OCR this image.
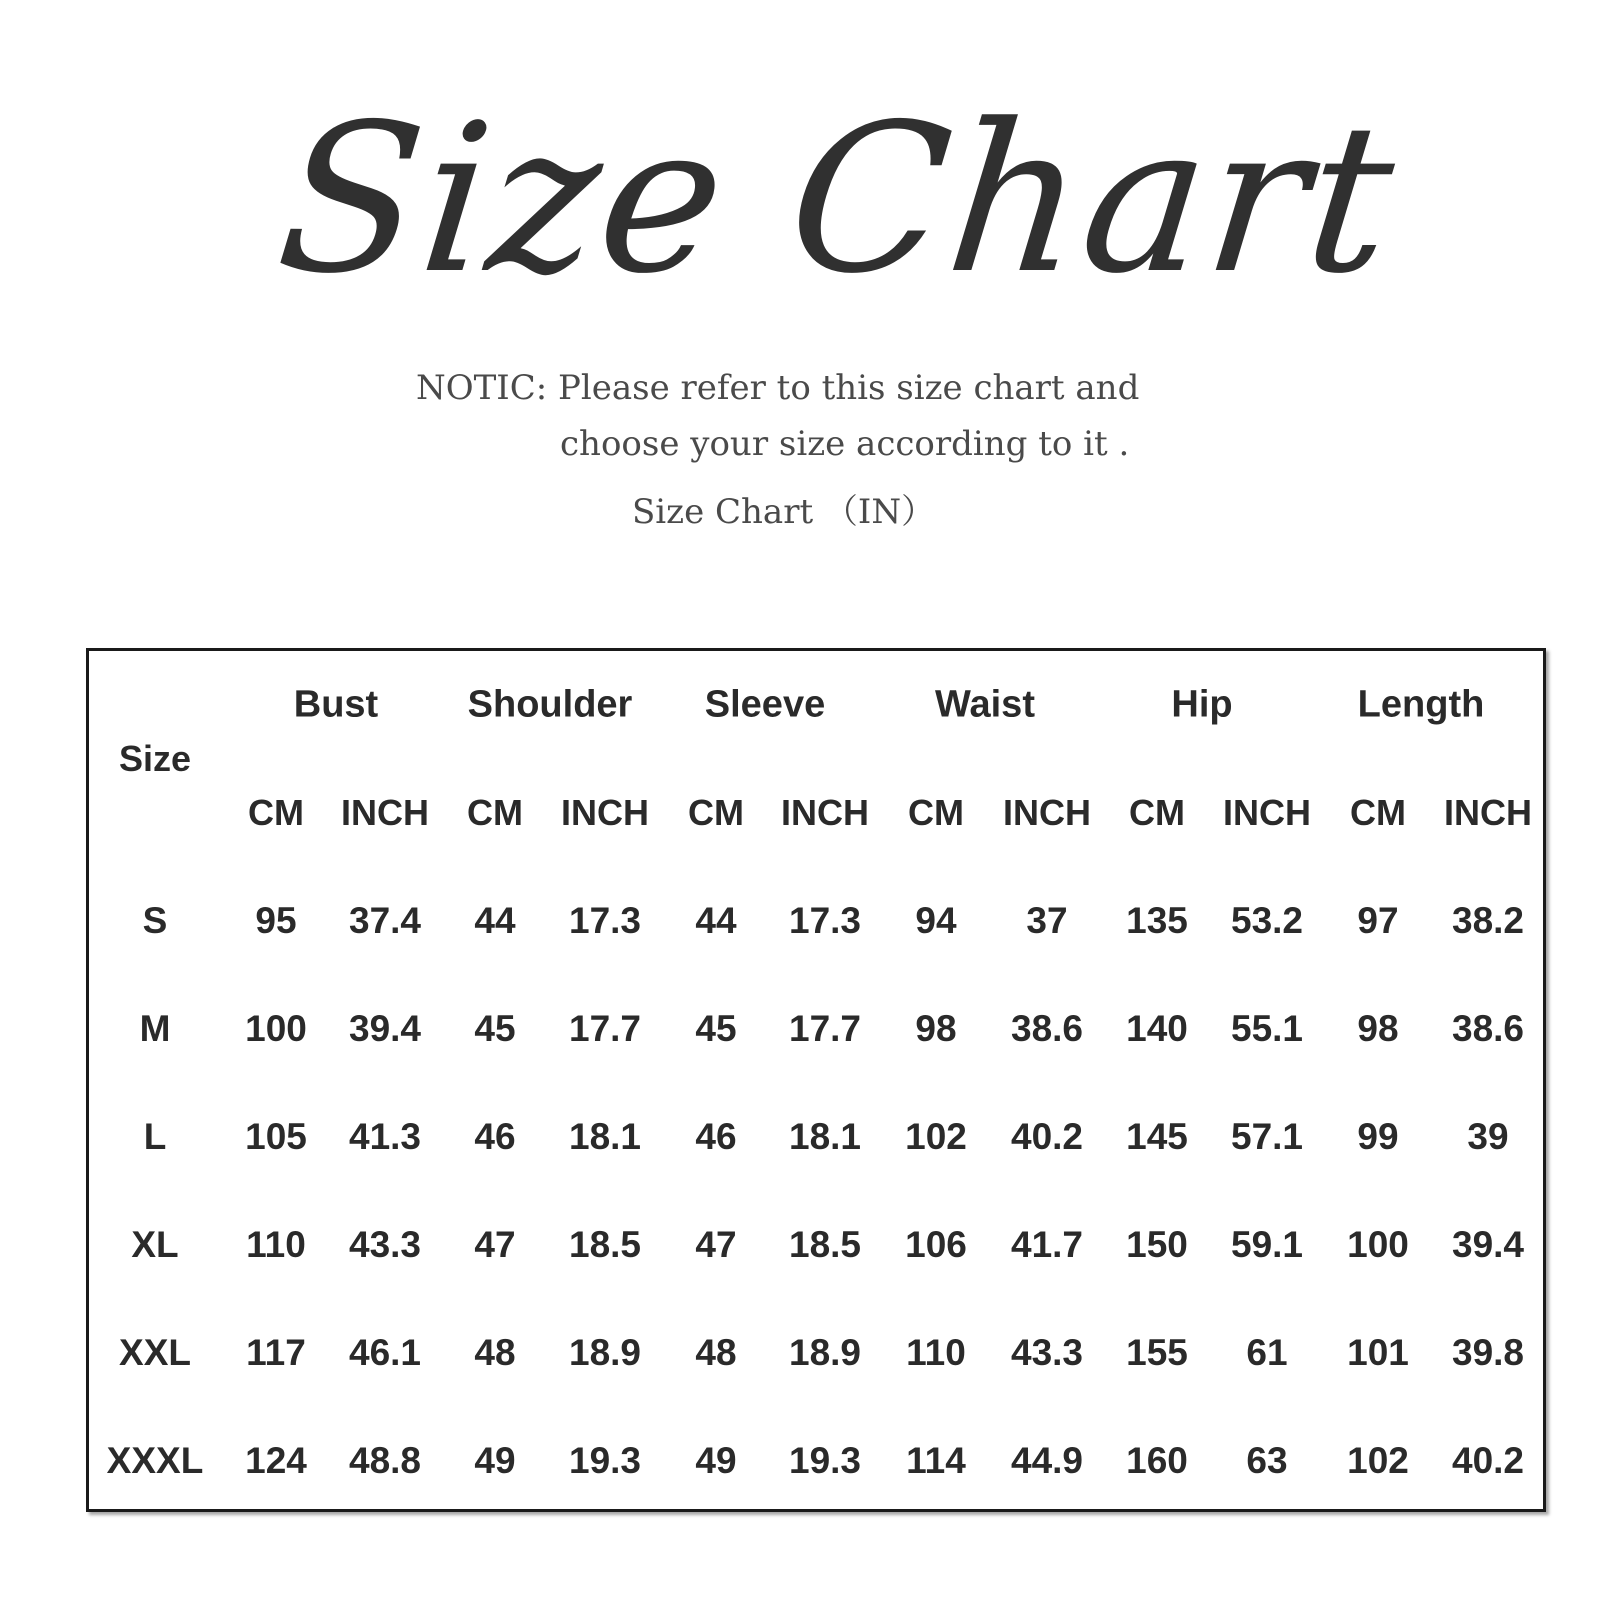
Size Chart
NOTIC: Please refer to this size chart and
choose your size according to it .
Size Chart （IN）
Size
Bust Shoulder Sleeve	Waist	Hip	Length
CM INCH CM INCH CM INCH CM INCH CM INCH CM INCH
S 95 37.4 44 17.3 44 17.3 94 37 135 53.2 97 38.2
M 100 39.4 45 17.7 45 17.7 98 38.6 140 55.1 98 38.6
L 105 41.3 46 18.1 46 18.1 102 40.2 145 57.1 99 39
XL 110 43.3 47 18.5 47 18.5 106 41.7 150 59.1 100 39.4
XXL 117 46.1 48 18.9 48 18.9 110 43.3 155 61 101 39.8
XXXL 124 48.8 49 19.3 49 19.3 114 44.9 160 63 102 40.2
